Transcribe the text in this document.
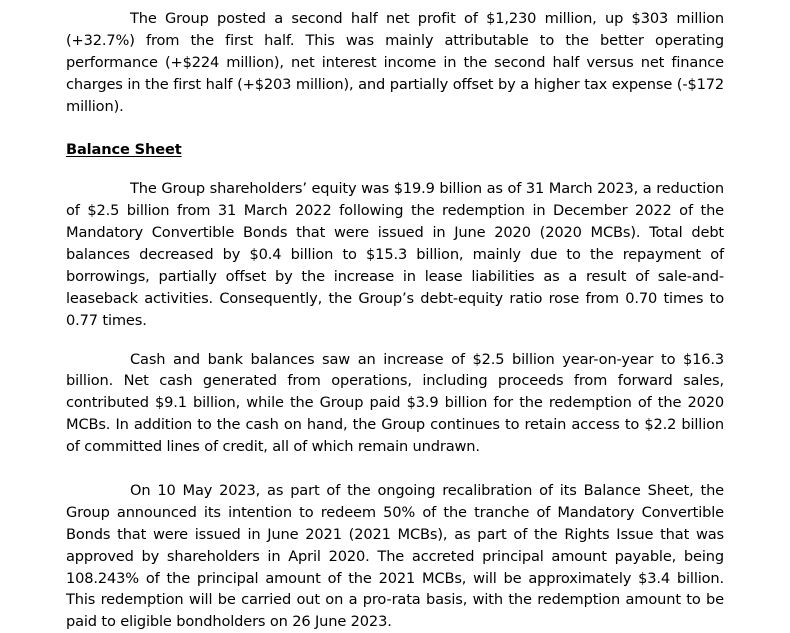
The Group posted a second half net profit of $1,230 million, up $303 million (+32.7%) from the first half. This was mainly attributable to the better operating performance (+$224 million), net interest income in the second half versus net finance charges in the first half (+$203 million), and partially offset by a higher tax expense (-$172 million).

Balance Sheet

The Group shareholders’ equity was $19.9 billion as of 31 March 2023, a reduction of $2.5 billion from 31 March 2022 following the redemption in December 2022 of the Mandatory Convertible Bonds that were issued in June 2020 (2020 MCBs). Total debt balances decreased by $0.4 billion to $15.3 billion, mainly due to the repayment of borrowings, partially offset by the increase in lease liabilities as a result of sale-and-leaseback activities. Consequently, the Group’s debt-equity ratio rose from 0.70 times to 0.77 times.

Cash and bank balances saw an increase of $2.5 billion year-on-year to $16.3 billion. Net cash generated from operations, including proceeds from forward sales, contributed $9.1 billion, while the Group paid $3.9 billion for the redemption of the 2020 MCBs. In addition to the cash on hand, the Group continues to retain access to $2.2 billion of committed lines of credit, all of which remain undrawn.

On 10 May 2023, as part of the ongoing recalibration of its Balance Sheet, the Group announced its intention to redeem 50% of the tranche of Mandatory Convertible Bonds that were issued in June 2021 (2021 MCBs), as part of the Rights Issue that was approved by shareholders in April 2020. The accreted principal amount payable, being 108.243% of the principal amount of the 2021 MCBs, will be approximately $3.4 billion. This redemption will be carried out on a pro-rata basis, with the redemption amount to be paid to eligible bondholders on 26 June 2023.
